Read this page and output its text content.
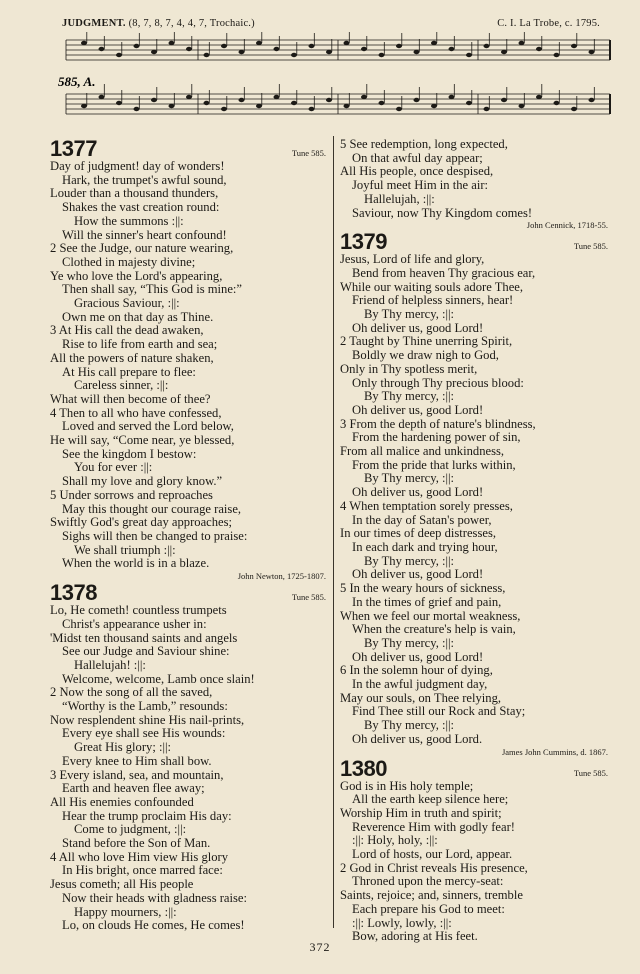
JUDGMENT. (8, 7, 8, 7, 4, 4, 7, Trochaic.)	C. I. La Trobe, c. 1795.
585, A.
1377	Tune 585.
Day of judgment! day of wonders!
Hark, the trumpet's awful sound,
Louder than a thousand thunders,
Shakes the vast creation round:
How the summons :||:
Will the sinner's heart confound!
2 See the Judge, our nature wearing,
Clothed in majesty divine;
Ye who love the Lord's appearing,
Then shall say, “This God is mine:”
Gracious Saviour, :||:
Own me on that day as Thine.
3 At His call the dead awaken,
Rise to life from earth and sea;
All the powers of nature shaken,
At His call prepare to flee:
Careless sinner, :||:
What will then become of thee?
4 Then to all who have confessed,
Loved and served the Lord below,
He will say, “Come near, ye blessed,
See the kingdom I bestow:
You for ever :||:
Shall my love and glory know.”
5 Under sorrows and reproaches
May this thought our courage raise,
Swiftly God's great day approaches;
Sighs will then be changed to praise:
We shall triumph :||:
When the world is in a blaze.
John Newton, 1725-1807.
1378	Tune 585.
Lo, He cometh! countless trumpets
Christ's appearance usher in:
'Midst ten thousand saints and angels
See our Judge and Saviour shine:
Hallelujah! :||:
Welcome, welcome, Lamb once slain!
2 Now the song of all the saved,
“Worthy is the Lamb,” resounds:
Now resplendent shine His nail-prints,
Every eye shall see His wounds:
Great His glory; :||:
Every knee to Him shall bow.
3 Every island, sea, and mountain,
Earth and heaven flee away;
All His enemies confounded
Hear the trump proclaim His day:
Come to judgment, :||:
Stand before the Son of Man.
4 All who love Him view His glory
In His bright, once marred face:
Jesus cometh; all His people
Now their heads with gladness raise:
Happy mourners, :||:
Lo, on clouds He comes, He comes!
5 See redemption, long expected,
On that awful day appear;
All His people, once despised,
Joyful meet Him in the air:
Hallelujah, :||:
Saviour, now Thy Kingdom comes!
John Cennick, 1718-55.
1379	Tune 585.
Jesus, Lord of life and glory,
Bend from heaven Thy gracious ear,
While our waiting souls adore Thee,
Friend of helpless sinners, hear!
By Thy mercy, :||:
Oh deliver us, good Lord!
2 Taught by Thine unerring Spirit,
Boldly we draw nigh to God,
Only in Thy spotless merit,
Only through Thy precious blood:
By Thy mercy, :||:
Oh deliver us, good Lord!
3 From the depth of nature's blindness,
From the hardening power of sin,
From all malice and unkindness,
From the pride that lurks within,
By Thy mercy, :||:
Oh deliver us, good Lord!
4 When temptation sorely presses,
In the day of Satan's power,
In our times of deep distresses,
In each dark and trying hour,
By Thy mercy, :||:
Oh deliver us, good Lord!
5 In the weary hours of sickness,
In the times of grief and pain,
When we feel our mortal weakness,
When the creature's help is vain,
By Thy mercy, :||:
Oh deliver us, good Lord!
6 In the solemn hour of dying,
In the awful judgment day,
May our souls, on Thee relying,
Find Thee still our Rock and Stay;
By Thy mercy, :||:
Oh deliver us, good Lord.
James John Cummins, d. 1867.
1380	Tune 585.
God is in His holy temple;
All the earth keep silence here;
Worship Him in truth and spirit;
Reverence Him with godly fear!
:||: Holy, holy, :||:
Lord of hosts, our Lord, appear.
2 God in Christ reveals His presence,
Throned upon the mercy-seat:
Saints, rejoice; and, sinners, tremble
Each prepare his God to meet:
:||: Lowly, lowly, :||:
Bow, adoring at His feet.
372
